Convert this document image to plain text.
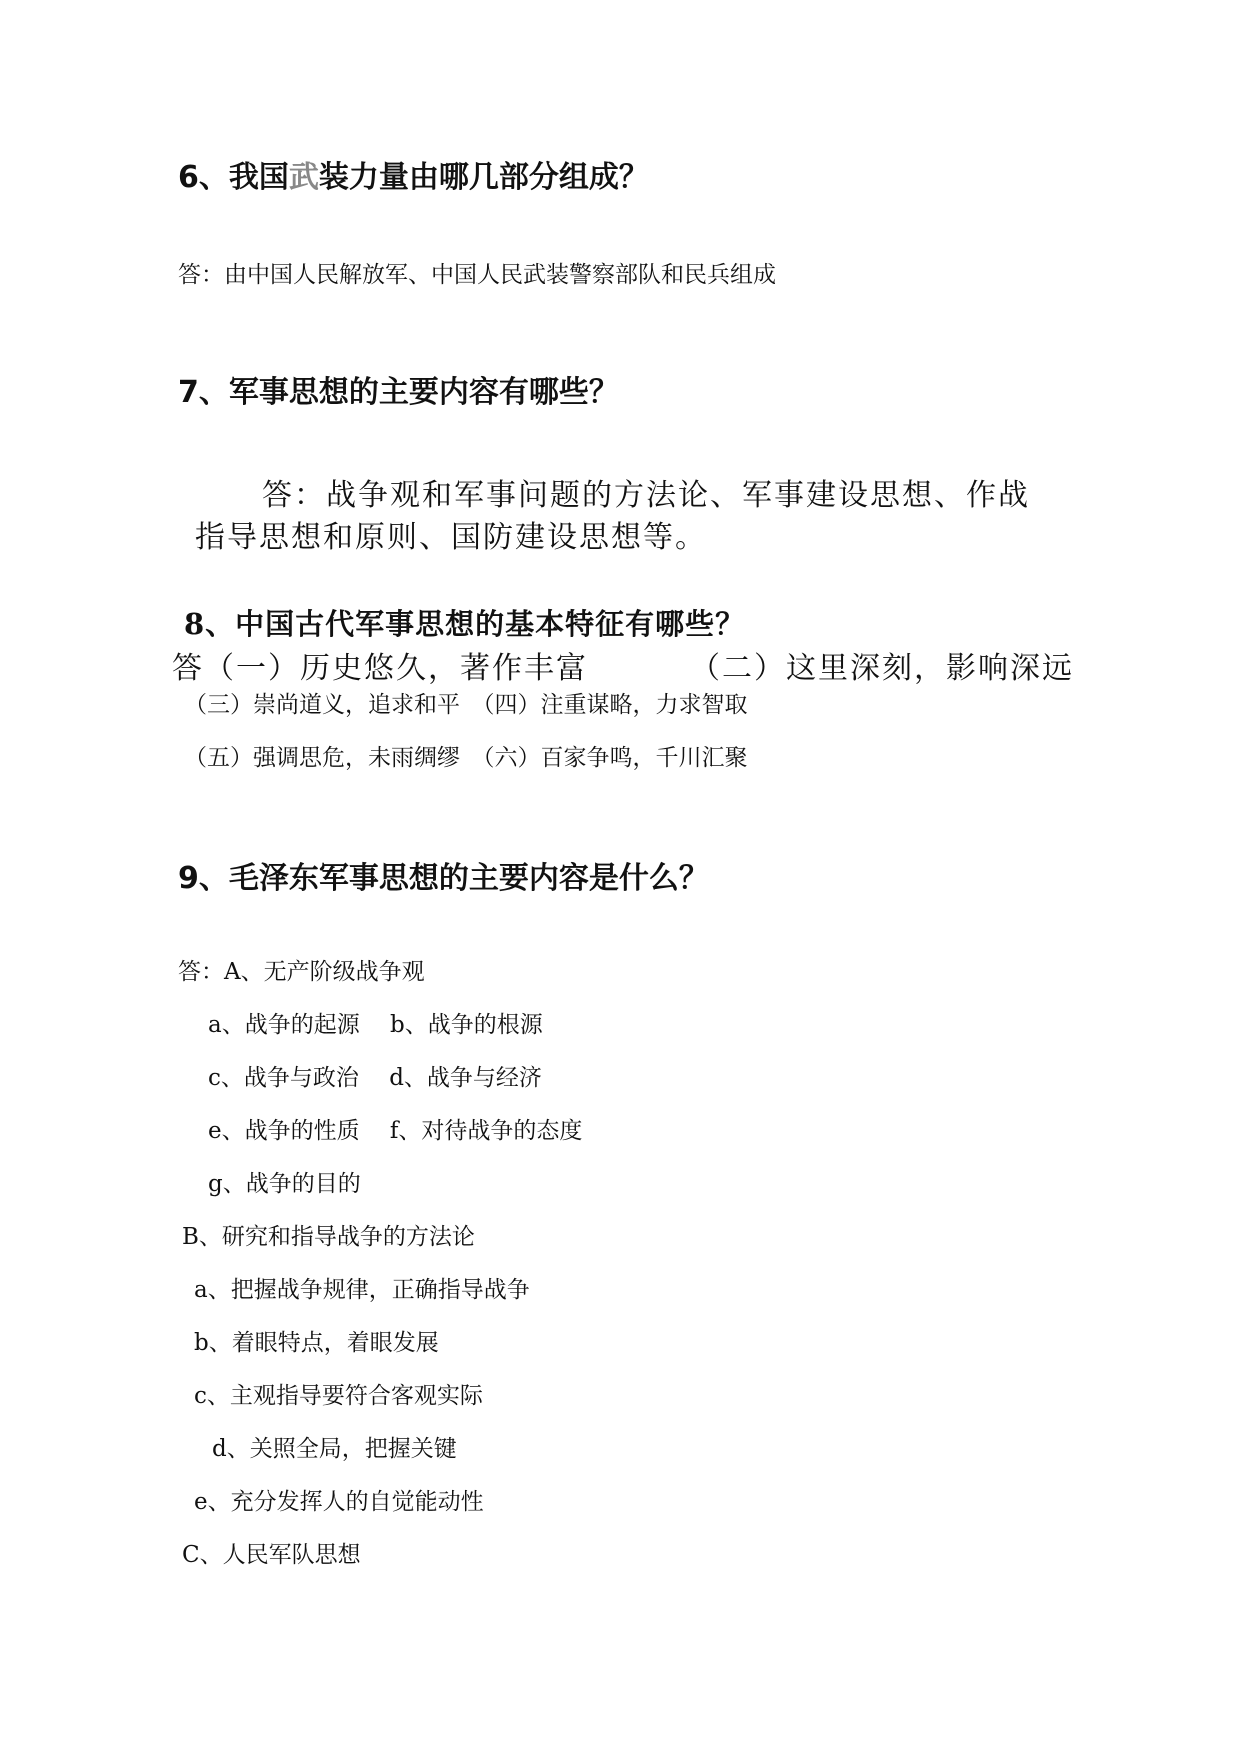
6、我国武装力量由哪几部分组成？
答：由中国人民解放军、中国人民武装警察部队和民兵组成
7、军事思想的主要内容有哪些？
答：战争观和军事问题的方法论、军事建设思想、作战
指导思想和原则、国防建设思想等。
8、中国古代军事思想的基本特征有哪些？
答（一）历史悠久，著作丰富	（二）这里深刻，影响深远
（三）崇尚道义，追求和平　（四）注重谋略，力求智取
（五）强调思危，未雨绸缪　（六）百家争鸣，千川汇聚
9、毛泽东军事思想的主要内容是什么？
答：A、无产阶级战争观
a、战争的起源　 b、战争的根源
c、战争与政治　 d、战争与经济
e、战争的性质　 f、对待战争的态度
g、战争的目的
B、研究和指导战争的方法论
a、把握战争规律，正确指导战争
b、着眼特点，着眼发展
c、主观指导要符合客观实际
d、关照全局，把握关键
e、充分发挥人的自觉能动性
C、人民军队思想
